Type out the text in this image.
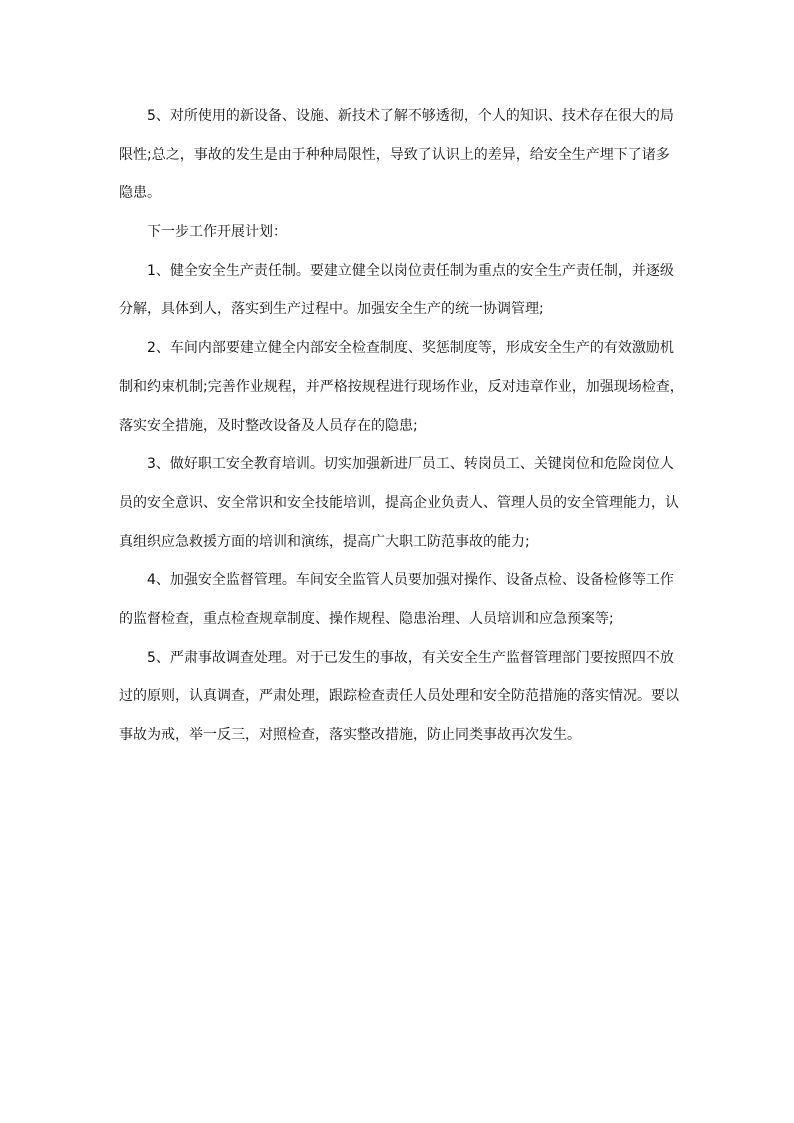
5、对所使用的新设备、设施、新技术了解不够透彻，个人的知识、技术存在很大的局
限性;总之，事故的发生是由于种种局限性，导致了认识上的差异，给安全生产埋下了诸多
隐患。
下一步工作开展计划：
1、健全安全生产责任制。要建立健全以岗位责任制为重点的安全生产责任制，并逐级
分解，具体到人，落实到生产过程中。加强安全生产的统一协调管理;
2、车间内部要建立健全内部安全检查制度、奖惩制度等，形成安全生产的有效激励机
制和约束机制;完善作业规程，并严格按规程进行现场作业，反对违章作业，加强现场检查，
落实安全措施，及时整改设备及人员存在的隐患;
3、做好职工安全教育培训。切实加强新进厂员工、转岗员工、关键岗位和危险岗位人
员的安全意识、安全常识和安全技能培训，提高企业负责人、管理人员的安全管理能力，认
真组织应急救援方面的培训和演练，提高广大职工防范事故的能力;
4、加强安全监督管理。车间安全监管人员要加强对操作、设备点检、设备检修等工作
的监督检查，重点检查规章制度、操作规程、隐患治理、人员培训和应急预案等;
5、严肃事故调查处理。对于已发生的事故，有关安全生产监督管理部门要按照四不放
过的原则，认真调查，严肃处理，跟踪检查责任人员处理和安全防范措施的落实情况。要以
事故为戒，举一反三，对照检查，落实整改措施，防止同类事故再次发生。
